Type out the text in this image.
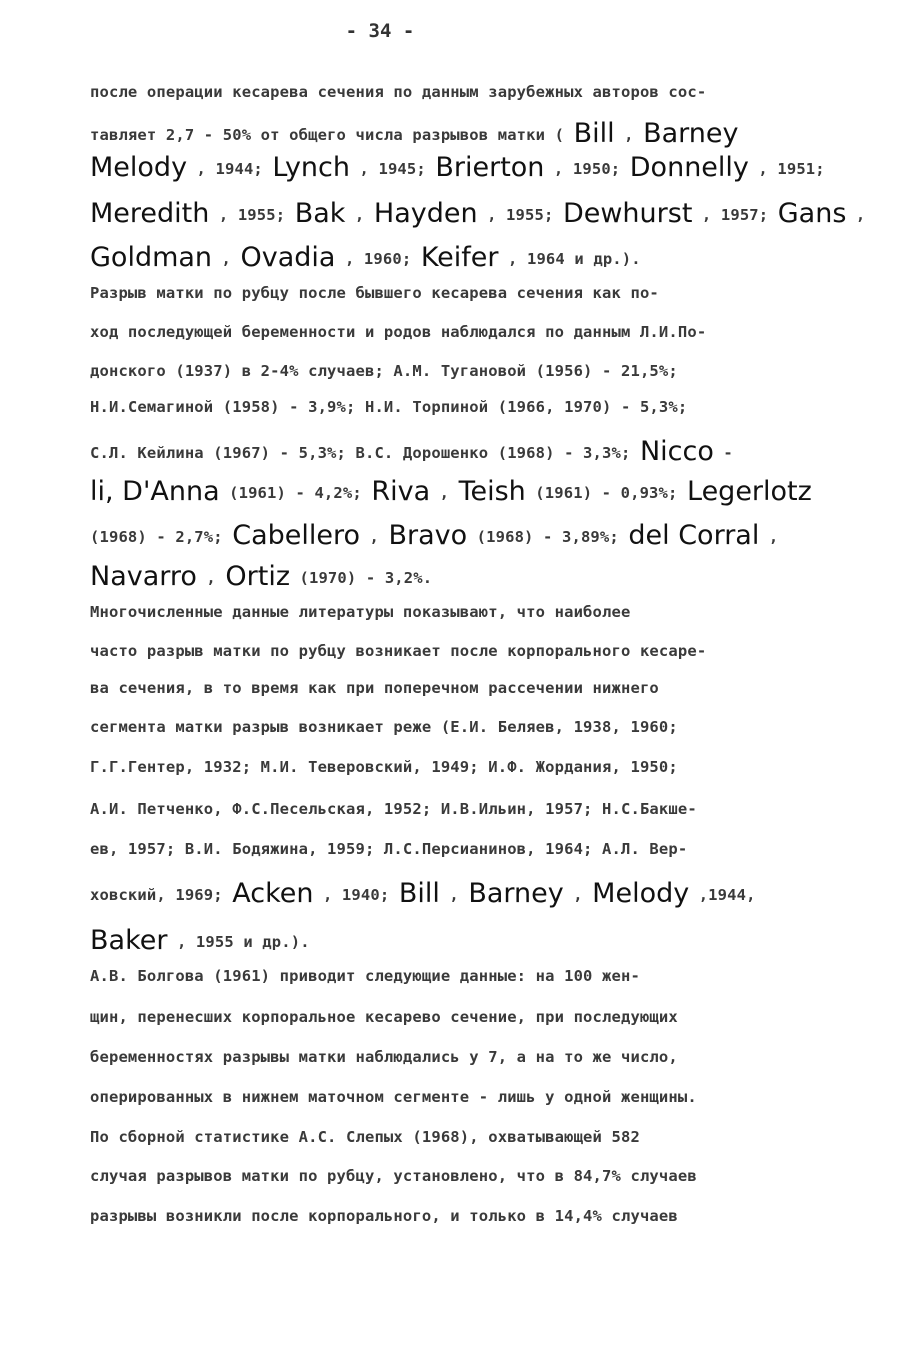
- 34 -
после операции кесарева сечения по данным зарубежных авторов сос-
тавляет 2,7 - 50% от общего числа разрывов матки ( Bill , Barney
Melody , 1944; Lynch , 1945; Brierton , 1950; Donnelly , 1951;
Meredith , 1955; Bak , Hayden , 1955; Dewhurst , 1957; Gans ,
Goldman , Ovadia , 1960; Keifer , 1964 и др.).
Разрыв матки по рубцу после бывшего кесарева сечения как по-
ход последующей беременности и родов наблюдался по данным Л.И.По-
донского (1937) в 2-4% случаев; А.М. Тугановой (1956) - 21,5%;
Н.И.Семагиной (1958) - 3,9%; Н.И. Торпиной (1966, 1970) - 5,3%;
С.Л. Кейлина (1967) - 5,3%; В.С. Дорошенко (1968) - 3,3%; Nicco -
li, D'Anna (1961) - 4,2%; Riva , Teish (1961) - 0,93%; Legerlotz
(1968) - 2,7%; Cabellero , Bravo (1968) - 3,89%; del Corral ,
Navarro , Ortiz (1970) - 3,2%.
Многочисленные данные литературы показывают, что наиболее
часто разрыв матки по рубцу возникает после корпорального кесаре-
ва сечения, в то время как при поперечном рассечении нижнего
сегмента матки разрыв возникает реже (Е.И. Беляев, 1938, 1960;
Г.Г.Гентер, 1932; М.И. Теверовский, 1949; И.Ф. Жордания, 1950;
А.И. Петченко, Ф.С.Песельская, 1952; И.В.Ильин, 1957; Н.С.Бакше-
ев, 1957; В.И. Бодяжина, 1959; Л.С.Персианинов, 1964; А.Л. Вер-
ховский, 1969; Acken , 1940; Bill , Barney , Melody ,1944,
Baker , 1955 и др.).
А.В. Болгова (1961) приводит следующие данные: на 100 жен-
щин, перенесших корпоральное кесарево сечение, при последующих
беременностях разрывы матки наблюдались у 7, а на то же число,
оперированных в нижнем маточном сегменте - лишь у одной женщины.
По сборной статистике А.С. Слепых (1968), охватывающей 582
случая разрывов матки по рубцу, установлено, что в 84,7% случаев
разрывы возникли после корпорального, и только в 14,4% случаев
